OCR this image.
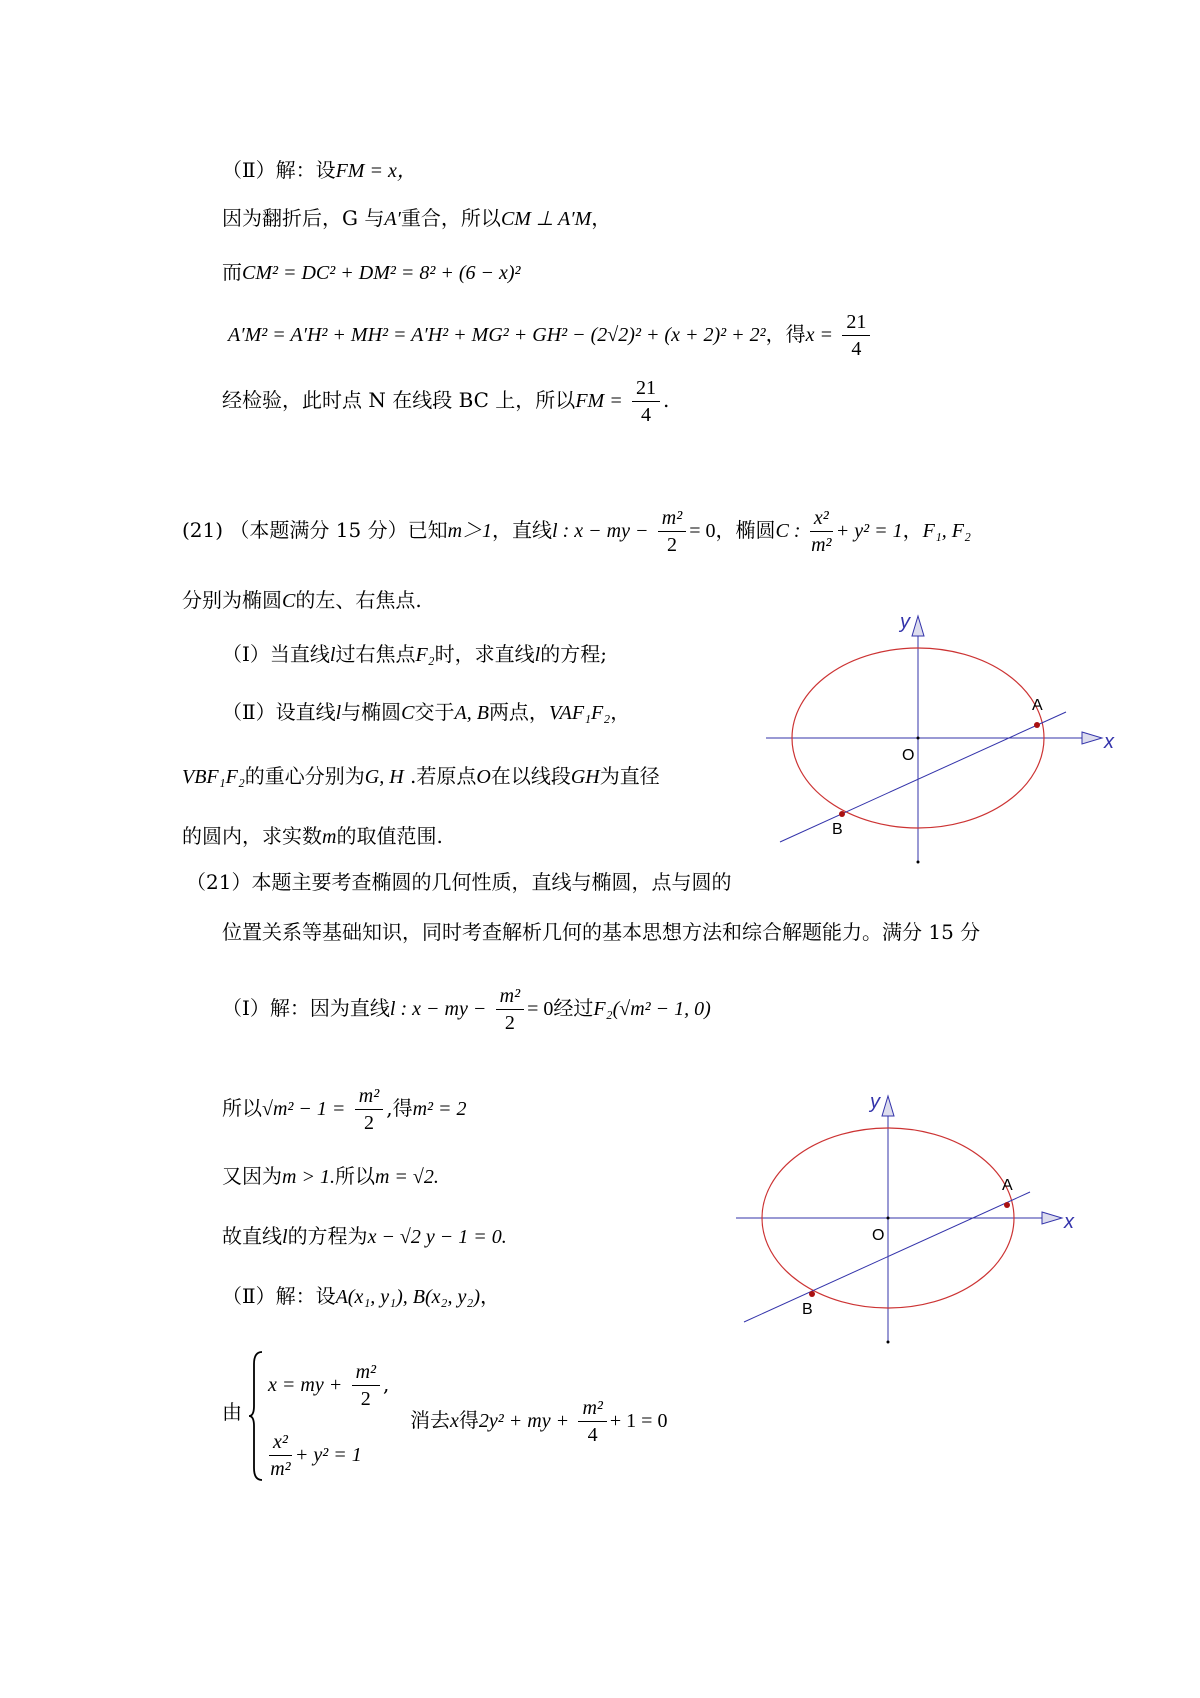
（Ⅱ）解：设FM = x，
因为翻折后，G 与A′重合，所以CM ⊥ A′M，
而CM² = DC² + DM² = 8² + (6 − x)²
A′M² = A′H² + MH² = A′H² + MG² + GH² − (2√2)² + (x + 2)² + 2²，得$x = \frac{21}{4}$
经检验，此时点 N 在线段 BC 上，所以FM = $\frac{21}{4}$ .
(21) （本题满分 15 分）已知m＞1，直线l : x − my − $\frac{\text{m²}}{2} = 0$，椭圆C : $\frac{\text{x²}}{\text{m²}} + y^2 = 1$，F₁, F₂
分别为椭圆C的左、右焦点.
（Ⅰ）当直线l过右焦点F₂时，求直线l的方程;
（Ⅱ）设直线l与椭圆C交于A, B两点，VAF₁F₂，
VBF₁F₂的重心分别为G, H .若原点O在以线段GH为直径
的圆内，求实数m的取值范围.
（21）本题主要考查椭圆的几何性质，直线与椭圆，点与圆的
位置关系等基础知识，同时考查解析几何的基本思想方法和综合解题能力。满分 15 分
（Ⅰ）解：因为直线l : x − my − $\frac{\text{m²}}{2} = 0$经过F₂(√m² − 1, 0)
所以$√m^2 - 1 = \frac{\text{m²}}{2}$ ,得m² = 2
又因为m > 1.所以m = √2.
故直线l的方程为x − √2 y − 1 = 0.
（Ⅱ）解：设A(x₁, y₁), B(x₂, y₂)，
由
x = my + $\frac{\text{m²}}{2}$ ,
$\frac{\text{x²}}{\text{m²}} + y^2 = 1$
消去x得2y² + my + $\frac{\text{m²}}{4} + 1 = 0$
y
x
O
A
B
y
x
O
A
B
